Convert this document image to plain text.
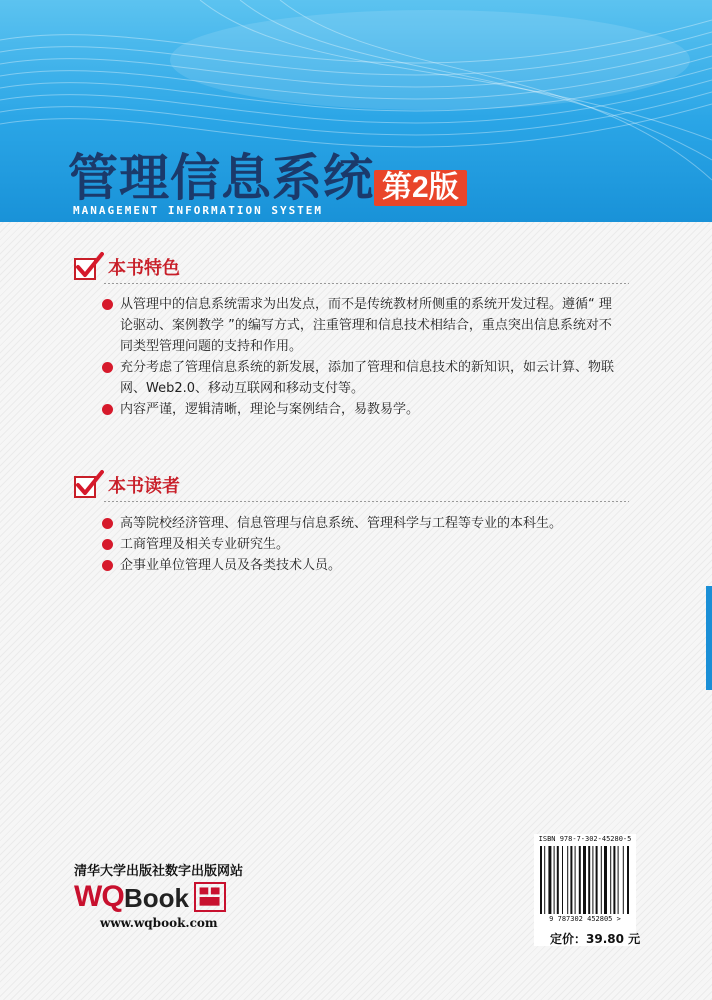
管理信息系统 第2版
MANAGEMENT INFORMATION SYSTEM
本书特色
从管理中的信息系统需求为出发点，而不是传统教材所侧重的系统开发过程。遵循“ 理论驱动、案例教学 ”的编写方式，注重管理和信息技术相结合，重点突出信息系统对不同类型管理问题的支持和作用。
充分考虑了管理信息系统的新发展，添加了管理和信息技术的新知识，如云计算、物联网、Web2.0、移动互联网和移动支付等。
内容严谨，逻辑清晰，理论与案例结合，易教易学。
本书读者
高等院校经济管理、信息管理与信息系统、管理科学与工程等专业的本科生。
工商管理及相关专业研究生。
企事业单位管理人员及各类技术人员。
清华大学出版社数字出版网站
WQ Book
www.wqbook.com
ISBN 978-7-302-45280-5
9 787302 452805 >
定价：39.80 元
